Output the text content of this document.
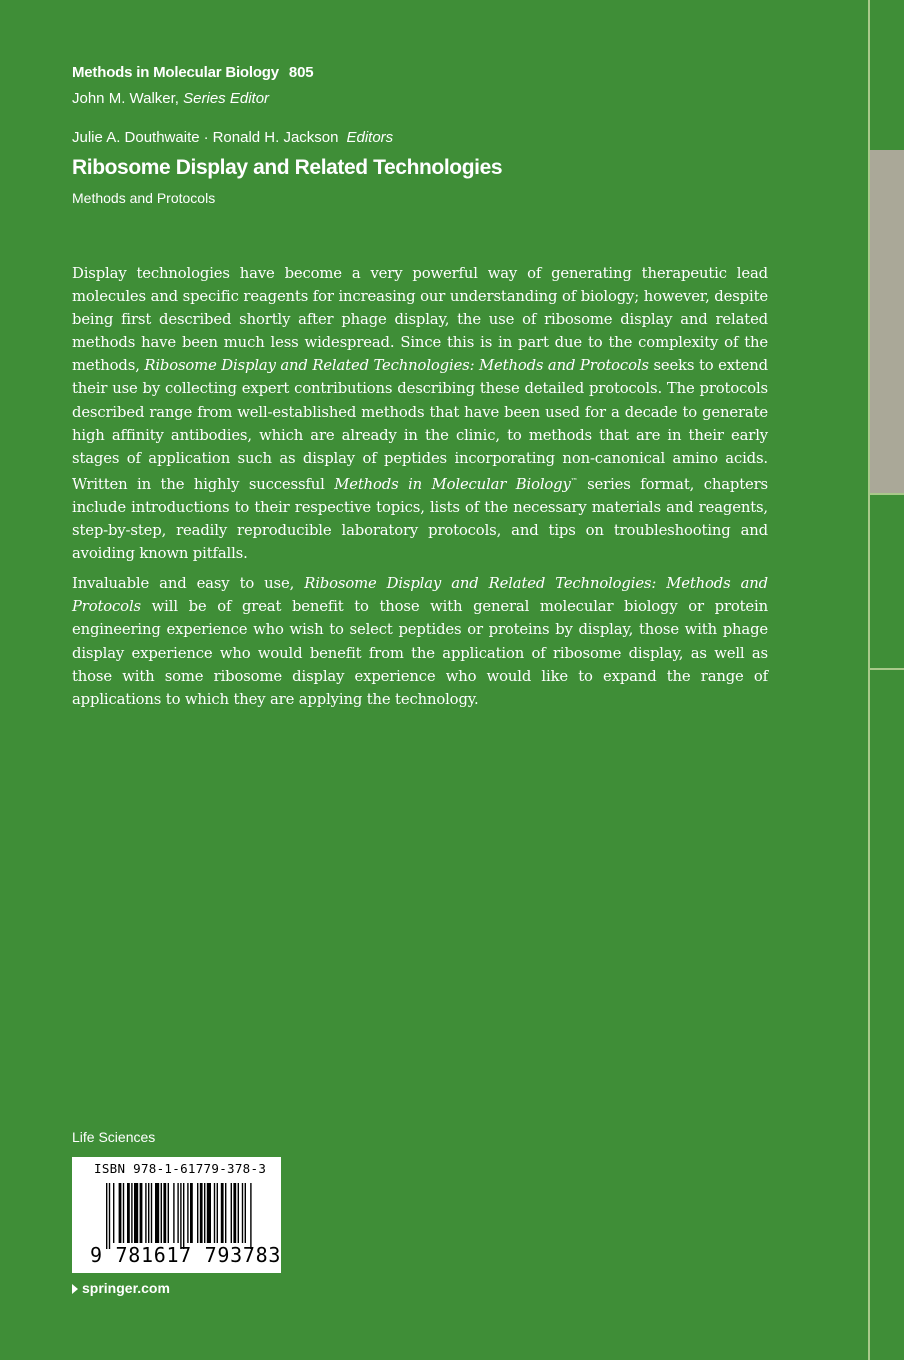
Methods in Molecular Biology 805
John M. Walker, Series Editor
Julie A. Douthwaite · Ronald H. Jackson Editors
Ribosome Display and Related Technologies
Methods and Protocols

Display technologies have become a very powerful way of generating therapeutic lead molecules and specific reagents for increasing our understanding of biology; however, despite being first described shortly after phage display, the use of ribosome display and related methods have been much less widespread. Since this is in part due to the complexity of the methods, Ribosome Display and Related Technologies: Methods and Protocols seeks to extend their use by collecting expert contributions describing these detailed protocols. The protocols described range from well-established methods that have been used for a decade to generate high affinity antibodies, which are already in the clinic, to methods that are in their early stages of application such as display of peptides incorporating non-canonical amino acids. Written in the highly successful Methods in Molecular Biology™ series format, chapters include introductions to their respective topics, lists of the necessary materials and reagents, step-by-step, readily reproducible laboratory protocols, and tips on troubleshooting and avoiding known pitfalls.

Invaluable and easy to use, Ribosome Display and Related Technologies: Methods and Protocols will be of great benefit to those with general molecular biology or protein engineering experience who wish to select peptides or proteins by display, those with phage display experience who would benefit from the application of ribosome display, as well as those with some ribosome display experience who would like to expand the range of applications to which they are applying the technology.

Life Sciences
ISBN 978-1-61779-378-3
9 781617 793783
springer.com
